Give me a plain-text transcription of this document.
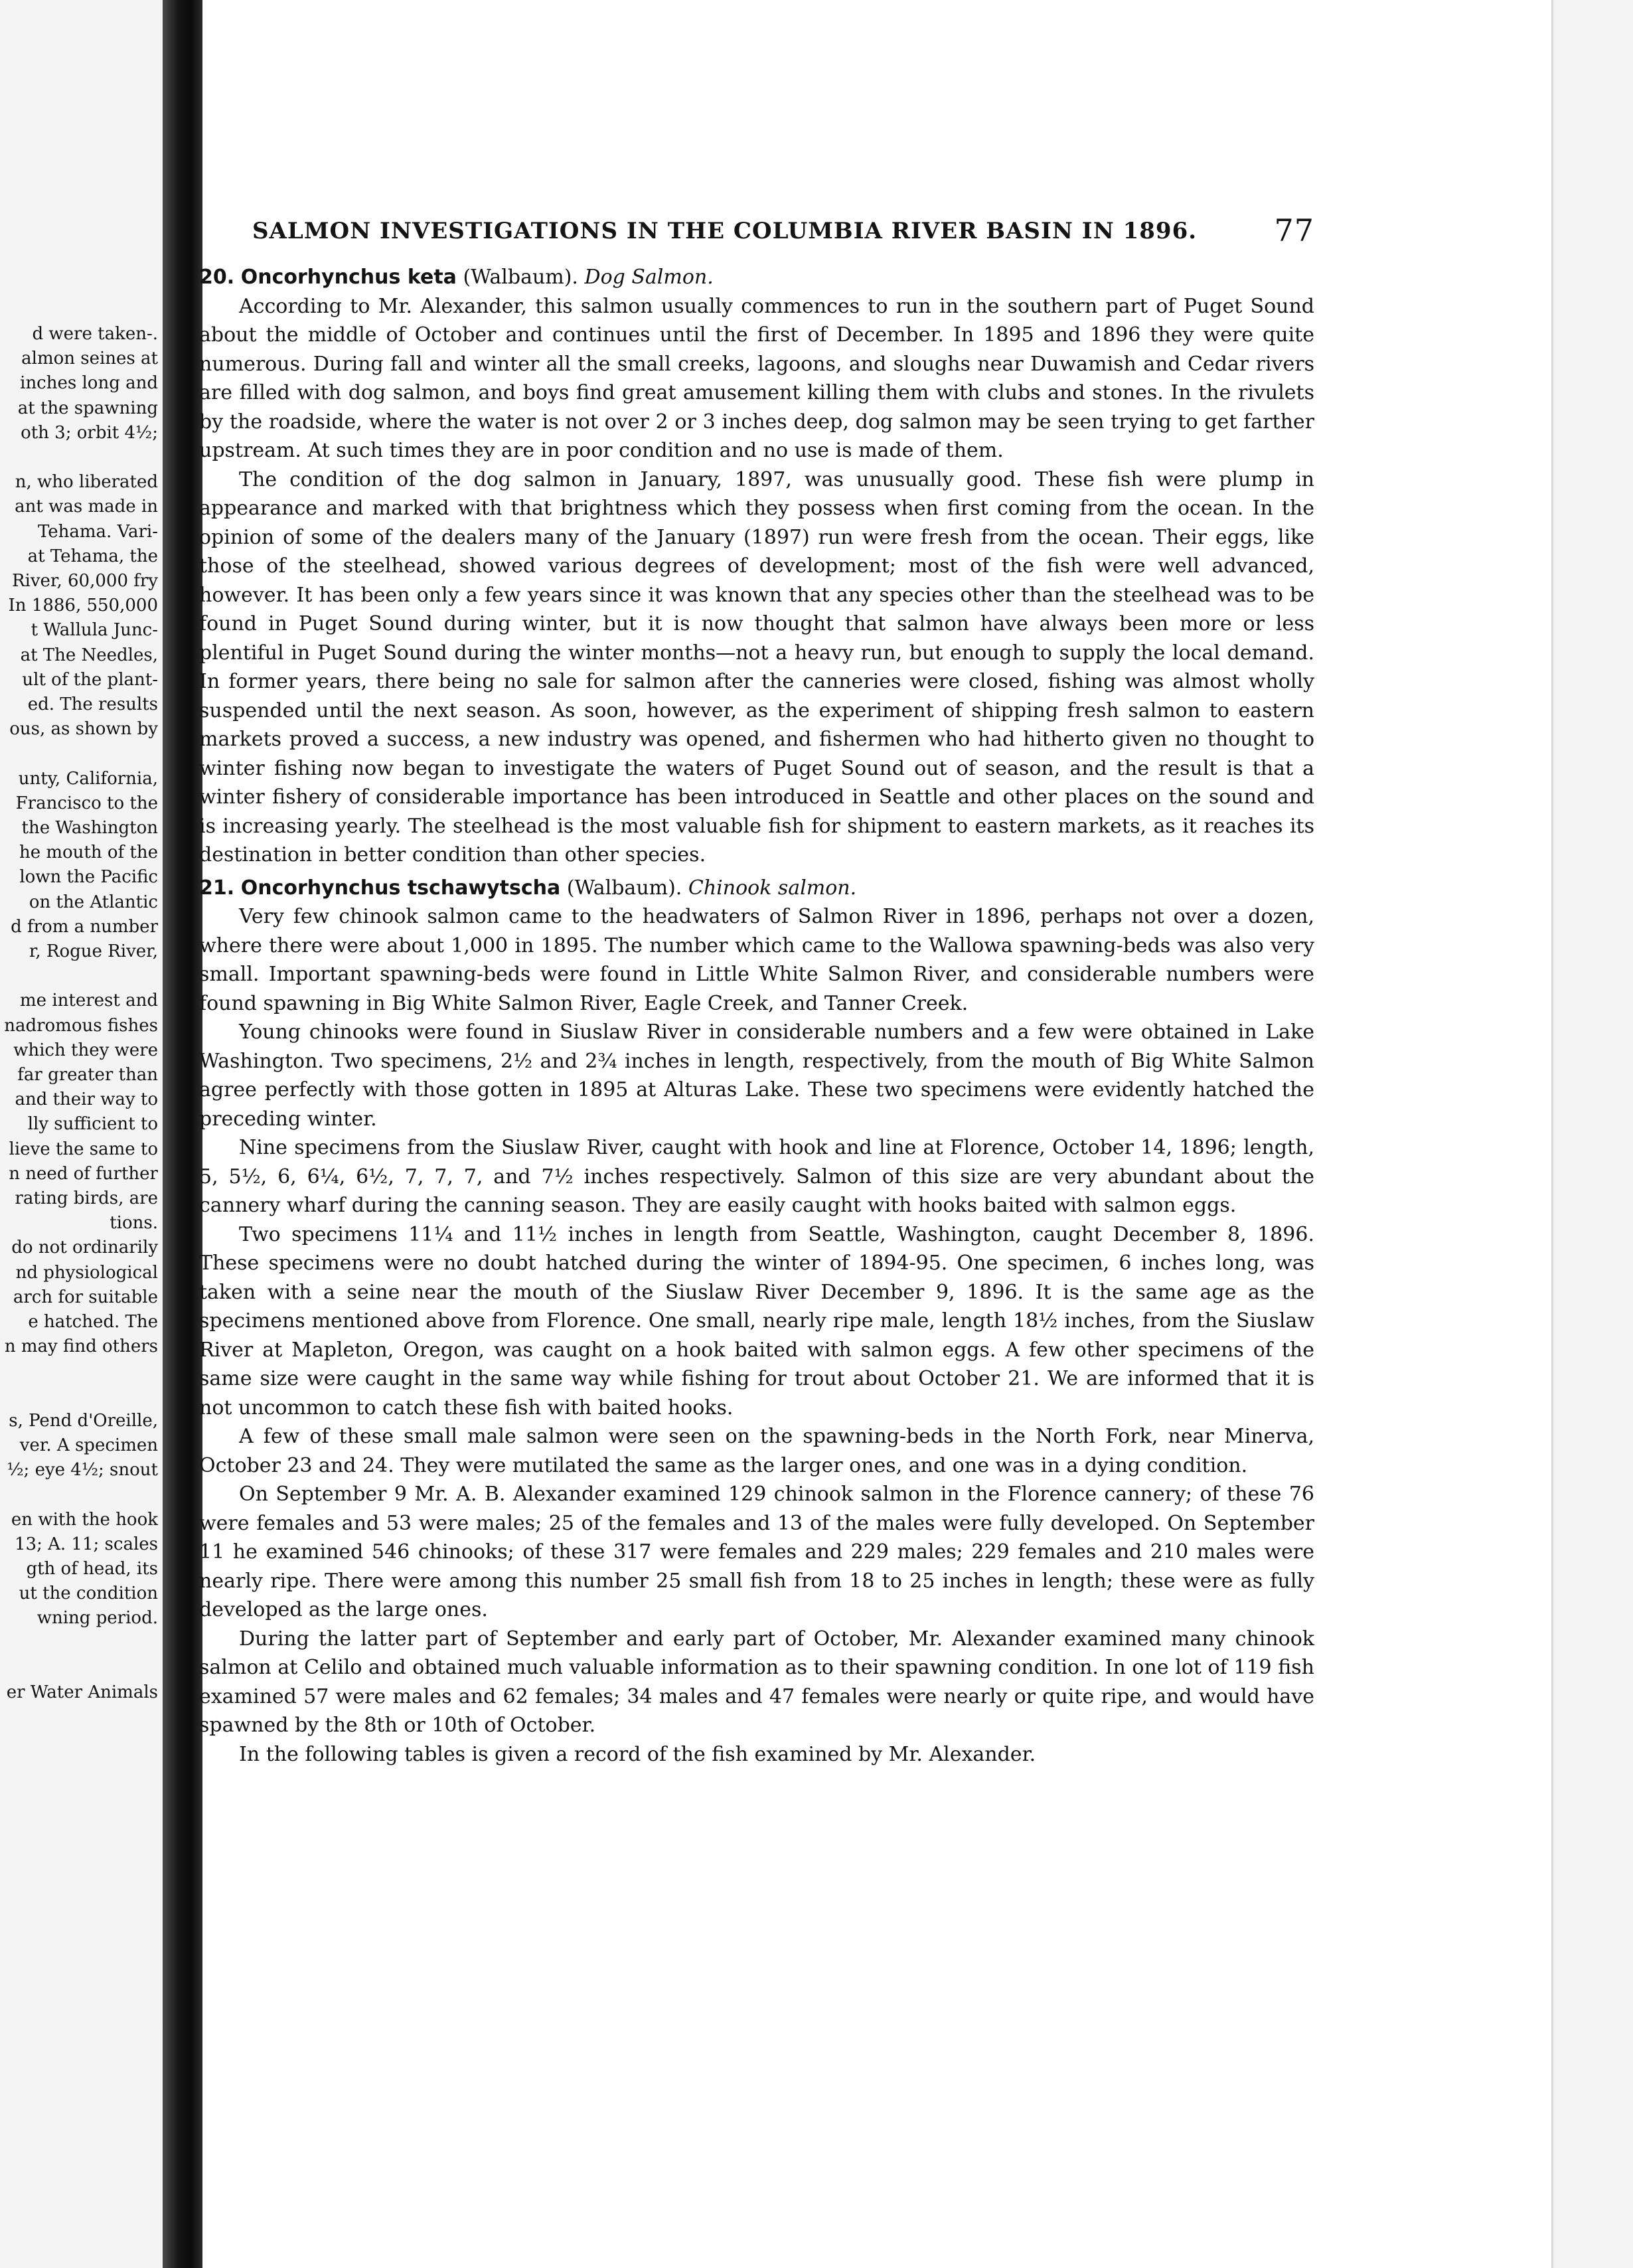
d were taken-.
almon seines at
inches long and
at the spawning
oth 3; orbit 4½;
n, who liberated
ant was made in
Tehama. Vari-
at Tehama, the
River, 60,000 fry
In 1886, 550,000
t Wallula Junc-
at The Needles,
ult of the plant-
ed. The results
ous, as shown by
unty, California,
Francisco to the
the Washington
he mouth of the
lown the Pacific
on the Atlantic
d from a number
r, Rogue River,
me interest and
nadromous fishes
which they were
far greater than
and their way to
lly sufficient to
lieve the same to
n need of further
rating birds, are
tions.
do not ordinarily
nd physiological
arch for suitable
e hatched. The
n may find others
s, Pend d'Oreille,
ver. A specimen
½; eye 4½; snout
en with the hook
13; A. 11; scales
gth of head, its
ut the condition
wning period.
er Water Animals
SALMON INVESTIGATIONS IN THE COLUMBIA RIVER BASIN IN 1896.	77

20. Oncorhynchus keta (Walbaum). Dog Salmon.

According to Mr. Alexander, this salmon usually commences to run in the southern part of Puget Sound about the middle of October and continues until the first of December. In 1895 and 1896 they were quite numerous. During fall and winter all the small creeks, lagoons, and sloughs near Duwamish and Cedar rivers are filled with dog salmon, and boys find great amusement killing them with clubs and stones. In the rivulets by the roadside, where the water is not over 2 or 3 inches deep, dog salmon may be seen trying to get farther upstream. At such times they are in poor condition and no use is made of them.

The condition of the dog salmon in January, 1897, was unusually good. These fish were plump in appearance and marked with that brightness which they possess when first coming from the ocean. In the opinion of some of the dealers many of the January (1897) run were fresh from the ocean. Their eggs, like those of the steelhead, showed various degrees of development; most of the fish were well advanced, however. It has been only a few years since it was known that any species other than the steelhead was to be found in Puget Sound during winter, but it is now thought that salmon have always been more or less plentiful in Puget Sound during the winter months—not a heavy run, but enough to supply the local demand. In former years, there being no sale for salmon after the canneries were closed, fishing was almost wholly suspended until the next season. As soon, however, as the experiment of shipping fresh salmon to eastern markets proved a success, a new industry was opened, and fishermen who had hitherto given no thought to winter fishing now began to investigate the waters of Puget Sound out of season, and the result is that a winter fishery of considerable importance has been introduced in Seattle and other places on the sound and is increasing yearly. The steelhead is the most valuable fish for shipment to eastern markets, as it reaches its destination in better condition than other species.

21. Oncorhynchus tschawytscha (Walbaum). Chinook salmon.

Very few chinook salmon came to the headwaters of Salmon River in 1896, perhaps not over a dozen, where there were about 1,000 in 1895. The number which came to the Wallowa spawning-beds was also very small. Important spawning-beds were found in Little White Salmon River, and considerable numbers were found spawning in Big White Salmon River, Eagle Creek, and Tanner Creek.

Young chinooks were found in Siuslaw River in considerable numbers and a few were obtained in Lake Washington. Two specimens, 2½ and 2¾ inches in length, respectively, from the mouth of Big White Salmon agree perfectly with those gotten in 1895 at Alturas Lake. These two specimens were evidently hatched the preceding winter.

Nine specimens from the Siuslaw River, caught with hook and line at Florence, October 14, 1896; length, 5, 5½, 6, 6¼, 6½, 7, 7, 7, and 7½ inches respectively. Salmon of this size are very abundant about the cannery wharf during the canning season. They are easily caught with hooks baited with salmon eggs.

Two specimens 11¼ and 11½ inches in length from Seattle, Washington, caught December 8, 1896. These specimens were no doubt hatched during the winter of 1894-95. One specimen, 6 inches long, was taken with a seine near the mouth of the Siuslaw River December 9, 1896. It is the same age as the specimens mentioned above from Florence. One small, nearly ripe male, length 18½ inches, from the Siuslaw River at Mapleton, Oregon, was caught on a hook baited with salmon eggs. A few other specimens of the same size were caught in the same way while fishing for trout about October 21. We are informed that it is not uncommon to catch these fish with baited hooks.

A few of these small male salmon were seen on the spawning-beds in the North Fork, near Minerva, October 23 and 24. They were mutilated the same as the larger ones, and one was in a dying condition.

On September 9 Mr. A. B. Alexander examined 129 chinook salmon in the Florence cannery; of these 76 were females and 53 were males; 25 of the females and 13 of the males were fully developed. On September 11 he examined 546 chinooks; of these 317 were females and 229 males; 229 females and 210 males were nearly ripe. There were among this number 25 small fish from 18 to 25 inches in length; these were as fully developed as the large ones.

During the latter part of September and early part of October, Mr. Alexander examined many chinook salmon at Celilo and obtained much valuable information as to their spawning condition. In one lot of 119 fish examined 57 were males and 62 females; 34 males and 47 females were nearly or quite ripe, and would have spawned by the 8th or 10th of October.

In the following tables is given a record of the fish examined by Mr. Alexander.
